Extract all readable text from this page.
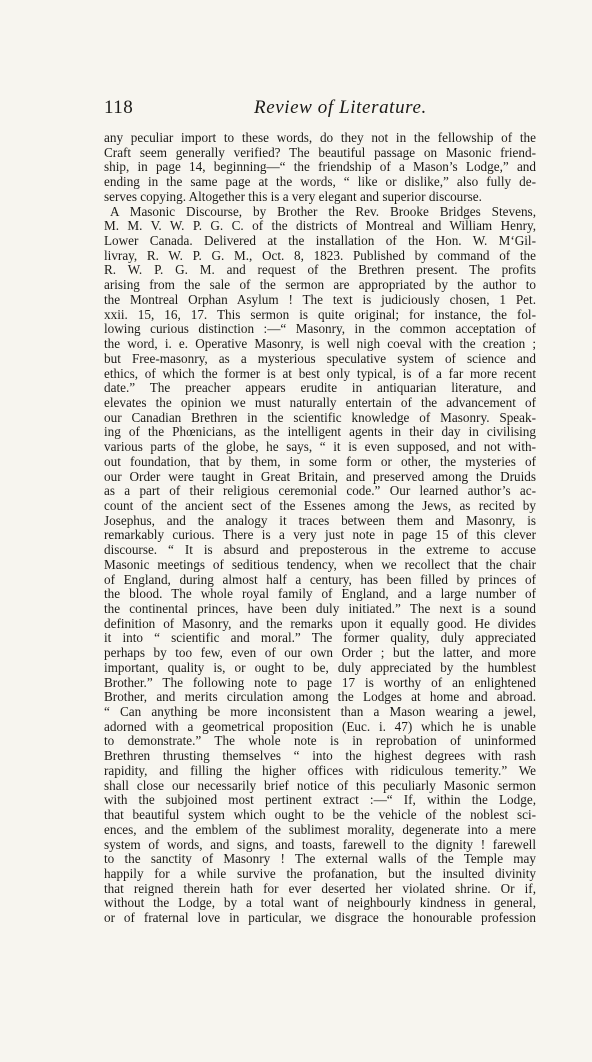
118	Review of Literature.
any peculiar import to these words, do they not in the fellowship of the
Craft seem generally verified? The beautiful passage on Masonic friend-
ship, in page 14, beginning—“ the friendship of a Mason’s Lodge,” and
ending in the same page at the words, “ like or dislike,” also fully de-
serves copying. Altogether this is a very elegant and superior discourse.
A Masonic Discourse, by Brother the Rev. Brooke Bridges Stevens,
M. M. V. W. P. G. C. of the districts of Montreal and William Henry,
Lower Canada. Delivered at the installation of the Hon. W. M‘Gil-
livray, R. W. P. G. M., Oct. 8, 1823. Published by command of the
R. W. P. G. M. and request of the Brethren present. The profits
arising from the sale of the sermon are appropriated by the author to
the Montreal Orphan Asylum ! The text is judiciously chosen, 1 Pet.
xxii. 15, 16, 17. This sermon is quite original; for instance, the fol-
lowing curious distinction :—“ Masonry, in the common acceptation of
the word, i. e. Operative Masonry, is well nigh coeval with the creation ;
but Free-masonry, as a mysterious speculative system of science and
ethics, of which the former is at best only typical, is of a far more recent
date.” The preacher appears erudite in antiquarian literature, and
elevates the opinion we must naturally entertain of the advancement of
our Canadian Brethren in the scientific knowledge of Masonry. Speak-
ing of the Phœnicians, as the intelligent agents in their day in civilising
various parts of the globe, he says, “ it is even supposed, and not with-
out foundation, that by them, in some form or other, the mysteries of
our Order were taught in Great Britain, and preserved among the Druids
as a part of their religious ceremonial code.” Our learned author’s ac-
count of the ancient sect of the Essenes among the Jews, as recited by
Josephus, and the analogy it traces between them and Masonry, is
remarkably curious. There is a very just note in page 15 of this clever
discourse. “ It is absurd and preposterous in the extreme to accuse
Masonic meetings of seditious tendency, when we recollect that the chair
of England, during almost half a century, has been filled by princes of
the blood. The whole royal family of England, and a large number of
the continental princes, have been duly initiated.” The next is a sound
definition of Masonry, and the remarks upon it equally good. He divides
it into “ scientific and moral.” The former quality, duly appreciated
perhaps by too few, even of our own Order ; but the latter, and more
important, quality is, or ought to be, duly appreciated by the humblest
Brother.” The following note to page 17 is worthy of an enlightened
Brother, and merits circulation among the Lodges at home and abroad.
“ Can anything be more inconsistent than a Mason wearing a jewel,
adorned with a geometrical proposition (Euc. i. 47) which he is unable
to demonstrate.” The whole note is in reprobation of uninformed
Brethren thrusting themselves “ into the highest degrees with rash
rapidity, and filling the higher offices with ridiculous temerity.” We
shall close our necessarily brief notice of this peculiarly Masonic sermon
with the subjoined most pertinent extract :—“ If, within the Lodge,
that beautiful system which ought to be the vehicle of the noblest sci-
ences, and the emblem of the sublimest morality, degenerate into a mere
system of words, and signs, and toasts, farewell to the dignity ! farewell
to the sanctity of Masonry ! The external walls of the Temple may
happily for a while survive the profanation, but the insulted divinity
that reigned therein hath for ever deserted her violated shrine. Or if,
without the Lodge, by a total want of neighbourly kindness in general,
or of fraternal love in particular, we disgrace the honourable profession
